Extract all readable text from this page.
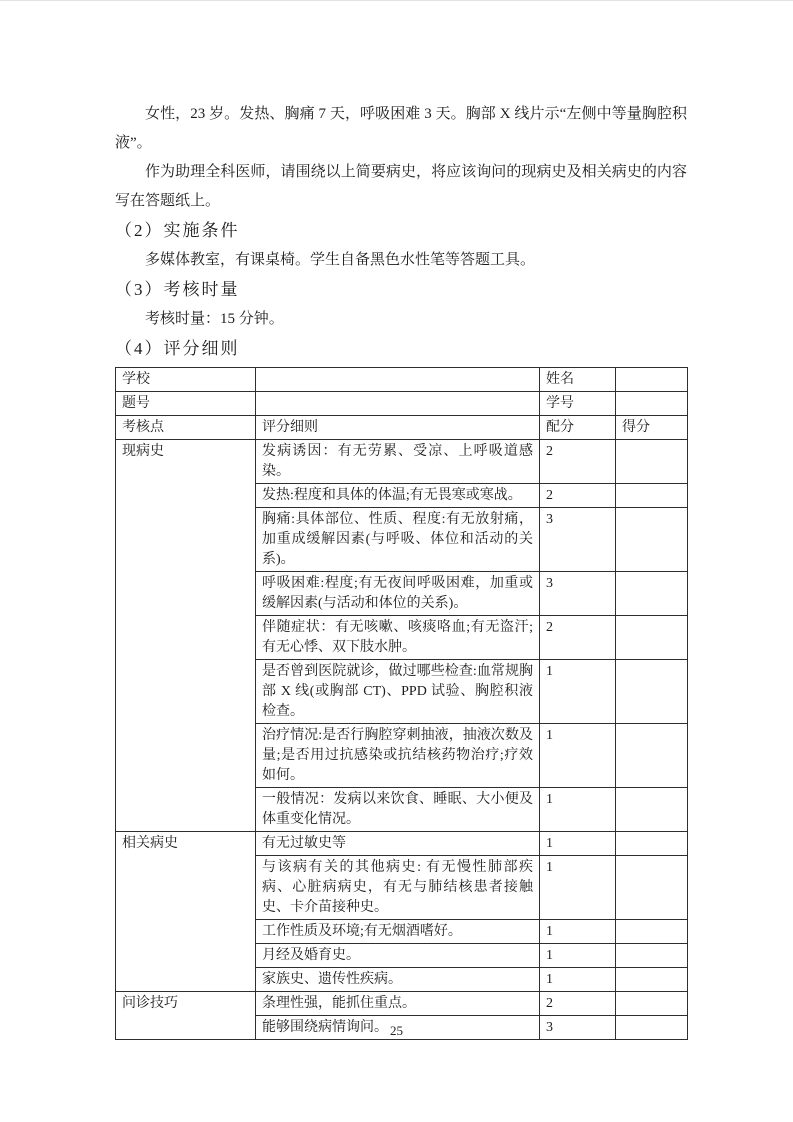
女性，23 岁。发热、胸痛 7 天，呼吸困难 3 天。胸部 X 线片示“左侧中等量胸腔积液”。

作为助理全科医师，请围绕以上简要病史，将应该询问的现病史及相关病史的内容写在答题纸上。

（2）实施条件

多媒体教室，有课桌椅。学生自备黑色水性笔等答题工具。

（3）考核时量

考核时量：15 分钟。

（4）评分细则
学校		姓名	
题号		学号	
考核点	评分细则	配分	得分
现病史	发病诱因：有无劳累、受凉、上呼吸道感染。	2	
	发热:程度和具体的体温;有无畏寒或寒战。	2	
	胸痛:具体部位、性质、程度:有无放射痛，加重成缓解因素(与呼吸、体位和活动的关系)。	3	
	呼吸困难:程度;有无夜间呼吸困难，加重或缓解因素(与活动和体位的关系)。	3	
	伴随症状：有无咳嗽、咳痰咯血;有无盗汗;有无心悸、双下肢水肿。	2	
	是否曾到医院就诊，做过哪些检查:血常规胸部 X 线(或胸部 CT)、PPD 试验、胸腔积液检查。	1	
	治疗情况:是否行胸腔穿刺抽液，抽液次数及量;是否用过抗感染或抗结核药物治疗;疗效如何。	1	
	一般情况：发病以来饮食、睡眠、大小便及体重变化情况。	1	
相关病史	有无过敏史等	1	
	与该病有关的其他病史: 有无慢性肺部疾病、心脏病病史，有无与肺结核患者接触史、卡介苗接种史。	1	
	工作性质及环境;有无烟酒嗜好。	1	
	月经及婚育史。	1	
	家族史、遗传性疾病。	1	
问诊技巧	条理性强，能抓住重点。	2	
	能够围绕病情询问。	3	
25
